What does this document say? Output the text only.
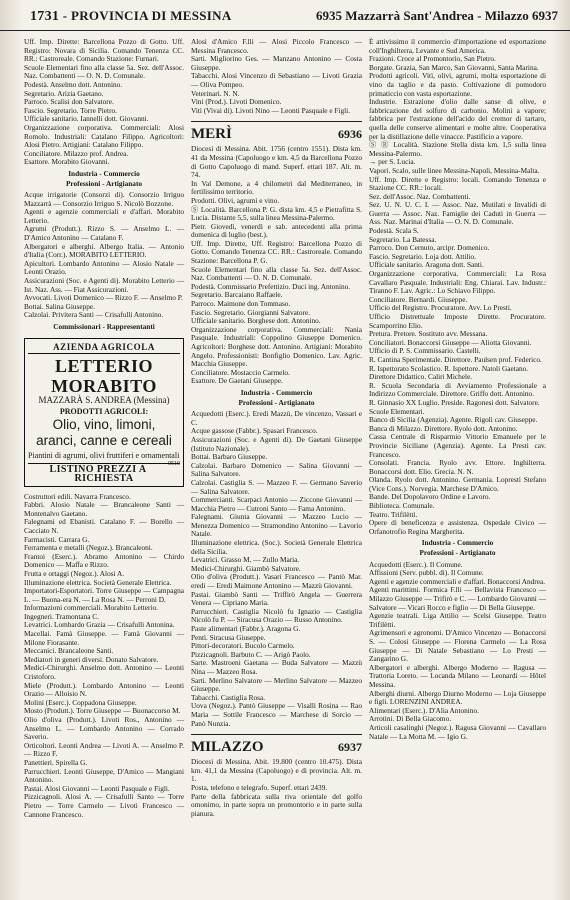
1731 - PROVINCIA DI MESSINA	6935 Mazzarrà Sant'Andrea - Milazzo 6937

Uff. Imp. Dirette: Barcellona Pozzo di Gotto. Uff. Registro: Novara di Sicilia. Comando Tenenza CC. RR.: Castroreale. Comando Stazione: Furnari.

Scuole Elementari fino alla classe 5a. Sez. dell'Assoc. Naz. Combattenti — O. N. D. Comunale.

Podestà. Anselmo dott. Antonino.

Segretario. Arizia Gaetano.

Parroco. Scalisi don Salvatore.

Fascio. Segretario. Torre Pietro.

Ufficiale sanitario. Iannelli dott. Giovanni.

Organizzazione corporativa. Commerciali: Alosi Romolo. Industriali: Catalano Filippo. Agricoltori: Alosi Pietro. Artigiani: Catalano Filippo.

Conciliatore. Milazzo prof. Andrea.

Esattore. Morabito Giovanni.

Industria - Commercio
Professioni - Artigianato

Acque irrigatorie (Consorzi di). Consorzio Irriguo Mazzarrà — Consorzio Irriguo S. Nicolò Bozzone.

Agenti e agenzie commerciali e d'affari. Morabito Letterio.

Agrumi (Produtt.). Rizzo S. — Anselmo L. — D'Amico Antonino — Catalano F.

Albergatori e alberghi. Albergo Italia. — Antonio d'Italia (Corr.). MORABITO LETTERIO.

Apicultori. Lombardo Antonino — Alosio Natale — Leonti Orazio.

Assicurazioni (Soc. e Agenti di). Morabito Letterio — Ist. Naz. Ass. — Fiat Assicurazioni.

Avvocati. Livoti Domenico — Rizzo F. — Anselmo P.

Bottai. Salina Giuseppe.

Calzolai. Privitera Santi — Crisafulli Antonino.

Commissionari - Rappresentanti
AZIENDA AGRICOLA
LETTERIO MORABITO
MAZZARÀ S. ANDREA (Messina)
PRODOTTI AGRICOLI:
Olio, vino, limoni,
aranci, canne e cereali
Piantini di agrumi, olivi fruttiferi e ornamentali
0510
LISTINO PREZZI A RICHIESTA

Costruttori edili. Navarra Francesco.

Fabbri. Alosio Natale — Brancaleone Santi — Montenalvo Gaetano.

Falegnami ed Ebanisti. Catalano F. — Borello — Cacciato N.

Farmacisti. Carrara G.

Ferramenta e metalli (Negoz.). Brancaleoni.

Frantoi (Eserc.). Abramo Antonino — Chirdo Domenico — Maffa e Rizzo.

Frutta e ortaggi (Negoz.). Alosi A.

Illuminazione elettrica. Società Generale Elettrica.

Importatori-Esportatori. Torre Giuseppe — Campagna L. — Buona-era N. — La Rosa N. — Perroni D.

Informazioni commerciali. Morabito Letterio.

Ingegneri. Tramontana C.

Levatrici. Lombardo Grazia — Crisafulli Antonina.

Macellai. Famà Giuseppe. — Famà Giovanni — Milone Fiorasante.

Meccanici. Brancaleone Santi.

Mediatori in generi diversi. Donato Salvatore.

Medici-Chirurghi. Anselmo dott. Antonino — Leonti Cristoforo.

Miele (Produtt.). Lombardo Antonino — Leonti Orazio — Alloisio N.

Molini (Eserc.). Coppadona Giuseppe.

Mosto (Produtt.). Torre Giuseppe — Buonaccorso M.

Olio d'oliva (Produtt.). Livoti Ros., Antonino — Anselmo L. — Lombardo Antonino — Corrado Saverio.

Orticoltori. Leonti Andrea — Livoti A. — Anselmo P. — Rizzo F.

Panettieri. Spirella G.

Parrucchieri. Leonti Giuseppe, D'Amico — Mangiani Antonino.

Pastai. Alosi Giovanni — Leonti Pasquale e Figli.

Pizzicagnoli. Alosi A. — Crisafulli Santo — Torre Pietro — Torre Carmelo — Livoti Francesco — Cannone Francesco.

Alosi d'Amico F.lli — Alosi Piccolo Francesco — Messina Francesco.

Sarti. Migliorino Ges. — Manzano Antonino — Costa Giuseppe.

Tabacchi. Alosi Vincenzo di Sebastiano — Livoti Grazia — Oliva Pompeo.

Veterinari. N. N.

Vini (Prod.). Livoti Domenico.

Vitì (Vivai di). Livoti Nino — Leonti Pasquale e Figli.

MERÌ	6936

Diocesi di Messina. Abit. 1756 (centro 1551). Dista km. 41 da Messina (Capoluogo e km. 4,5 da Barcellona Pozzo di Gotto Capoluogo di mand. Superf. ettari 187. Alt. m. 74.

In Val Demone, a 4 chilometri dal Mediterraneo, in fertilissimo territorio.

Prodotti. Olivi, agrumi e vino.

Ⓢ Località. Barcellona P. G. dista km. 4,5 e Pietrafitta S. Lucia. Distante 5,5, sulla linea Messina-Palermo.

Pietr. Giovedì, venerdì e sab. antecedenti alla prima domenica di luglio (best.).

Uff. Imp. Dirette, Uff. Registro: Barcellona Pozzo di Gotto. Comando Tenenza CC. RR.: Castroreale. Comando Stazione: Barcellona P. G.

Scuole Elementari fino alla classe 5a. Sez. dell'Assoc. Naz. Combattenti — O. N. D. Comunale.

Podestà. Commissario Prefettizio. Duci ing. Antonino.

Segretario. Barcaiano Raffaele.

Parroco. Maimone don Tommaso.

Fascio. Segretario. Giorgianni Salvatore.

Ufficiale sanitario. Borghese dott. Antonino.

Organizzazione corporativa. Commerciali: Nania Pasquale. Industriali: Coppolino Giuseppe Domenico. Agricoltori: Borghese dott. Antonino. Artigiani: Morabito Angelo. Professionisti: Bonfiglio Domenico. Lav. Agric. Macchia Giuseppe.

Conciliatore. Mostaccio Carmelo.

Esattore. De Gaetani Giuseppe.

Industria - Commercio
Professioni - Artigianato

Acquedotti (Eserc.). Eredi Mazzù, De vincenzo, Vassari e C.

Acque gassose (Fabbr.). Spasari Francesco.

Assicurazioni (Soc. e Agenti di). De Gaetani Giuseppe (Istituto Nazionale).

Bottai. Barbaro Giuseppe.

Calzolai. Barbaro Domenico — Salina Giovanni — Salina Salvatore.

Calzolai. Castiglia S. — Mazzeo F. — Germano Saverio — Salina Salvatore.

Commercianti. Scarpaci Antonio — Ziccone Giovanni — Macchia Pietro — Cutroni Santo — Fama Antonino.

Falegnami. Giunta Giovanni — Mazzeo Lucio — Menezza Domenico — Stramondino Antonino — Lavorio Natale.

Illuminazione elettrica. (Soc.). Società Generale Elettrica della Sicilia.

Levatrici. Grasso M. — Zullo Maria.

Medici-Chirurghi. Giambò Salvatore.

Olio d'oliva (Produtt.). Vasari Francesco — Pantò Mar. eredi — Eredi Maimone Antonino — Mazzù Giovanni.

Pastai. Giambò Santi — Triffirò Angela — Guerrera Venera — Cipriano Maria.

Parrucchieri. Castiglia Nicolò fu Ignazio — Castiglia Nicolò fu P. — Siracusa Orazio — Russo Antonino.

Paste alimentari (Fabbr.). Aragona G.

Pentì. Siracusa Giuseppe.

Pittori-decoratori. Bucolo Carmelo.

Pizzicagnoli. Barbuto C. — Arigò Paolo.

Sarte. Mastroeni Gaetana — Buda Salvatore — Mazzù Nina — Mazzeo Rosa.

Sarti. Merlino Salvatore — Merlino Salvatore — Mazzeo Giuseppe.

Tabacchi. Castiglia Rosa.

Uova (Negoz.). Pantò Giuseppe — Visalli Rosina — Rao Maria — Sottile Francesco — Marchese di Sorcio — Panò Nunzia.

MILAZZO	6937

Diocesi di Messina. Abit. 19.800 (centro 10.475). Dista km. 41,1 da Messina (Capoluogo) e di provincia. Alt. m. 1.

Posta, telefono e telegrafo. Superf. ettari 2439.

Parte della fabbricata sulla riva orientale del golfo omonimo, in parte sopra un promontorio e in parte sulla pianura.

È attivissimo il commercio d'importazione ed esportazione coll'Inghilterra, Levante e Sud America.

Frazioni. Croce al Promontorio, San Pietro.

Borgate. Grazia, San Marco, San Giovanni, Santa Marina.

Prodotti agricoli. Vitì, olivi, agrumi, molta esportazione di vino da taglio e da pasto. Coltivazione di pomodoro primaticcio con vasta esportazione.

Industrie. Estrazione d'olio dalle sanse di olive, e fabbricazione del solfuro di carbonio. Molini a vapore; fabbrica per l'estrazione dell'acido del cremor di tartaro, quella delle conserve alimentari e molte altre. Cooperativa per la distillazione delle vinacce. Pastificio a vapore.

Ⓢ Ⓡ Località. Stazione Stella dista km. 1,5 sulla linea Messina-Palermo.

→ per S. Lucia.

Vapori. Scalo, sulle linee Messina-Napoli, Messina-Malta.

Uff. Imp. Dirette e Registro: locali. Comando Tenenza e Stazione CC. RR.: locali.

Sez. dell'Assoc. Naz. Combattenti.

Sez. U. N. U. C. I. — Assoc. Naz. Mutilati e Invalidi di Guerra — Assoc. Naz. Famiglie dei Caduti in Guerra — Ass. Naz. Marinai d'Italia — O. N. D. Comunale.

Podestà. Scala S.

Segretario. La Batessa.

Parroco. Don Cernuto, arcipr. Domenico.

Fascio. Segretario. Loja dott. Attilio.

Ufficiale sanitario. Aragona dott. Santi.

Organizzazione corporativa. Commerciali: La Rosa Cavallaro Pasquale. Industriali: Eng. Chiarai. Lav. Industr.: Tiranno F. Lav. Agric.: Lo Schiavo Filippo.

Conciliatore. Bernardi. Giuseppe.

Ufficio del Registro. Procuratore. Avv. Lo Presti.

Ufficio Distrettuale Imposte Dirette. Procuratore. Scamporrino Elio.

Pretura. Pretore. Sostituto avv. Messana.

Conciliatori. Bonaccorsi Giuseppe — Aliotta Giovanni.

Ufficio di P. S. Commissario. Castelli.

R. Cantina Sperimentale. Direttore. Paulsen prof. Federico.

R. Ispettorato Scolastico. R. Ispettore. Natoli Gaetano.

Direttore Didattico. Caliri Michele.

R. Scuola Secondaria di Avviamento Professionale a Indirizzo Commerciale. Direttore. Griffo dott. Antonino.

R. Ginnasio XX Luglio. Preside. Ragonesi dott. Salvatore.

Scuole Elementari.

Banco di Sicilia (Agenzia). Agente. Rigoli cav. Giuseppe.

Banca di Milazzo. Direttore. Ryolo dott. Antonino.

Cassa Centrale di Risparmio Vittorio Emanuele per le Provincie Siciliane (Agenzia). Agente. La Presti cav. Francesco.

Consolati. Francia. Ryolo avv. Ettore. Inghilterra. Bonaccorsi dott. Elio. Grecia. N. N.

Olanda. Ryolo dott. Antonino. Germania. Loprestì Stefano (Vice Cons.). Norvegia. Marchese D'Amico.

Bande. Del Dopolavoro Ordine e Lavoro.

Biblioteca. Comunale.

Teatro. Trifilètti.

Opere di beneficenza e assistenza. Ospedale Civico — Orfanotrofio Regina Margherita.

Industria - Commercio
Professioni - Artigianato

Acquedotti (Eserc.). Il Comune.

Affissioni (Serv. pubbl. di). Il Comune.

Agenti e agenzie commerciali e d'affari. Bonaccorsi Andrea.

Agenti marittimi. Formica F.lli — Bellavista Francesco — Milazzo Giuseppe — Trifirò e C. — Lombardo Giovanni — Salvatore — Vicari Rocco e figlio — Di Bella Giuseppe.

Agenzie teatrali. Liga Attilio — Scelsi Giuseppe. Teatro Trifilètti.

Agrimensori e agronomi. D'Amico Vincenzo — Bonaccorsi S. — Colosi Giuseppe — Florena Carmelo — La Rosa Giuseppe — Di Natale Sebastiano — Lo Presti — Zangarino G.

Albergatori e alberghi. Albergo Moderno — Ragusa — Trattoria Loreto. — Locanda Milano — Leonardi — Hôtel Messina.

Alberghi diurni. Albergo Diurno Moderno — Loja Giuseppe e figli. LORENZINI ANDREA.

Alimentari (Eserc.). D'Alia Antonino.

Arrotini. Di Bella Giacomo.

Articoli casalinghi (Negoz.). Ragusa Giovanni — Cavallaro Natale — La Motta M. — Igio G.
